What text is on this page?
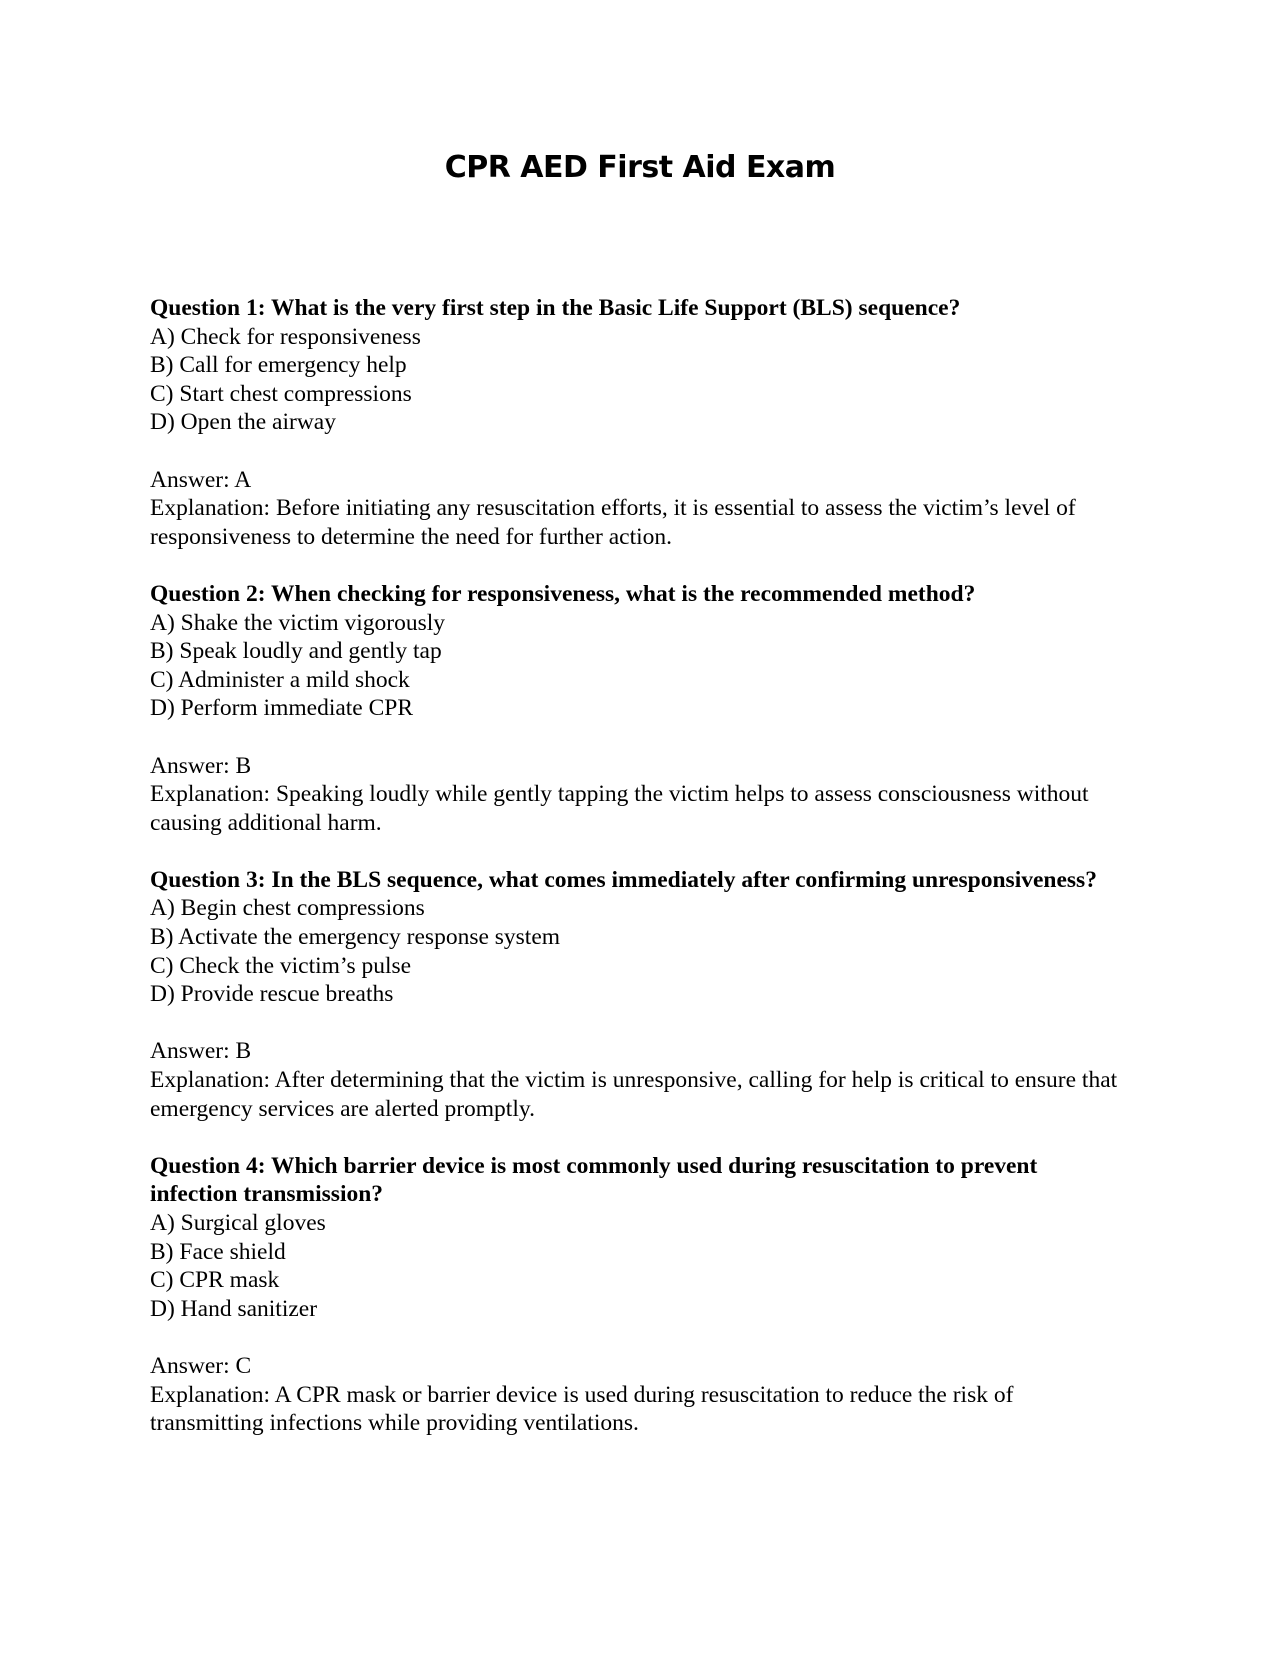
CPR AED First Aid Exam

Question 1: What is the very first step in the Basic Life Support (BLS) sequence?

A) Check for responsiveness

B) Call for emergency help

C) Start chest compressions

D) Open the airway

Answer: A

Explanation: Before initiating any resuscitation efforts, it is essential to assess the victim’s level of responsiveness to determine the need for further action.

Question 2: When checking for responsiveness, what is the recommended method?

A) Shake the victim vigorously

B) Speak loudly and gently tap

C) Administer a mild shock

D) Perform immediate CPR

Answer: B

Explanation: Speaking loudly while gently tapping the victim helps to assess consciousness without causing additional harm.

Question 3: In the BLS sequence, what comes immediately after confirming unresponsiveness?

A) Begin chest compressions

B) Activate the emergency response system

C) Check the victim’s pulse

D) Provide rescue breaths

Answer: B

Explanation: After determining that the victim is unresponsive, calling for help is critical to ensure that emergency services are alerted promptly.

Question 4: Which barrier device is most commonly used during resuscitation to prevent infection transmission?

A) Surgical gloves

B) Face shield

C) CPR mask

D) Hand sanitizer

Answer: C

Explanation: A CPR mask or barrier device is used during resuscitation to reduce the risk of transmitting infections while providing ventilations.
